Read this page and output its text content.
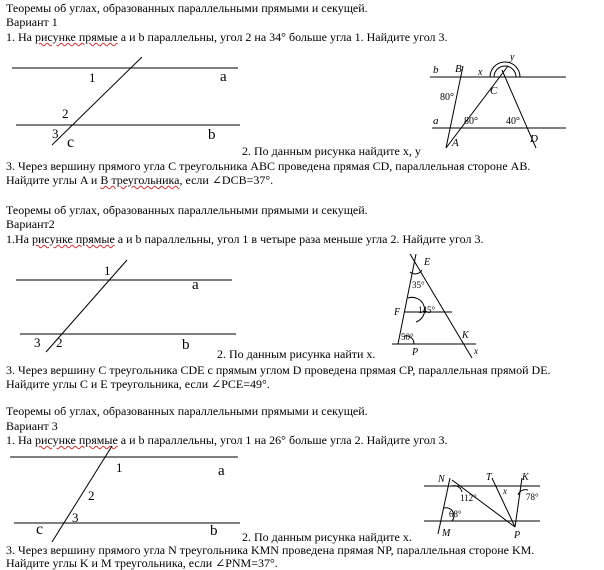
Теоремы об углах, образованных параллельными прямыми и секущей.
Вариант 1
1. На рисунке прямые a и b параллельны, угол 2 на 34° больше угла 1. Найдите угол 3.
1	a
2
3
c	b
2. По данным рисунка найдите x, y
b B x
y
C
80°
a	80°	40°
A	D
3. Через вершину прямого угла C треугольника ABC проведена прямая CD, параллельная стороне AB.
Найдите углы A и B треугольника, если ∠DCB=37°.
Теоремы об углах, образованных параллельными прямыми и секущей.
Вариант2
1.На рисунке прямые a и b параллельны, угол 1 в четыре раза меньше угла 2. Найдите угол 3.
1
a
3 2	b
2. По данным рисунка найти x.
E
35°
F 145°
50°	K
P	x
3. Через вершину C треугольника CDE с прямым углом D проведена прямая CP, параллельная прямой DE.
Найдите углы C и E треугольника, если ∠PCE=49°.
Теоремы об углах, образованных параллельными прямыми и секущей.
Вариант 3
1. На рисунке прямые a и b параллельны, угол 1 на 26° больше угла 2. Найдите угол 3.
1	a
2
3
c	b 2. По данным рисунка найдите x.
N	T	K
x
112°	78°
68°
M	P
3. Через вершину прямого угла N треугольника KMN проведена прямая NP, параллельная стороне KM.
Найдите углы K и M треугольника, если ∠PNM=37°.
